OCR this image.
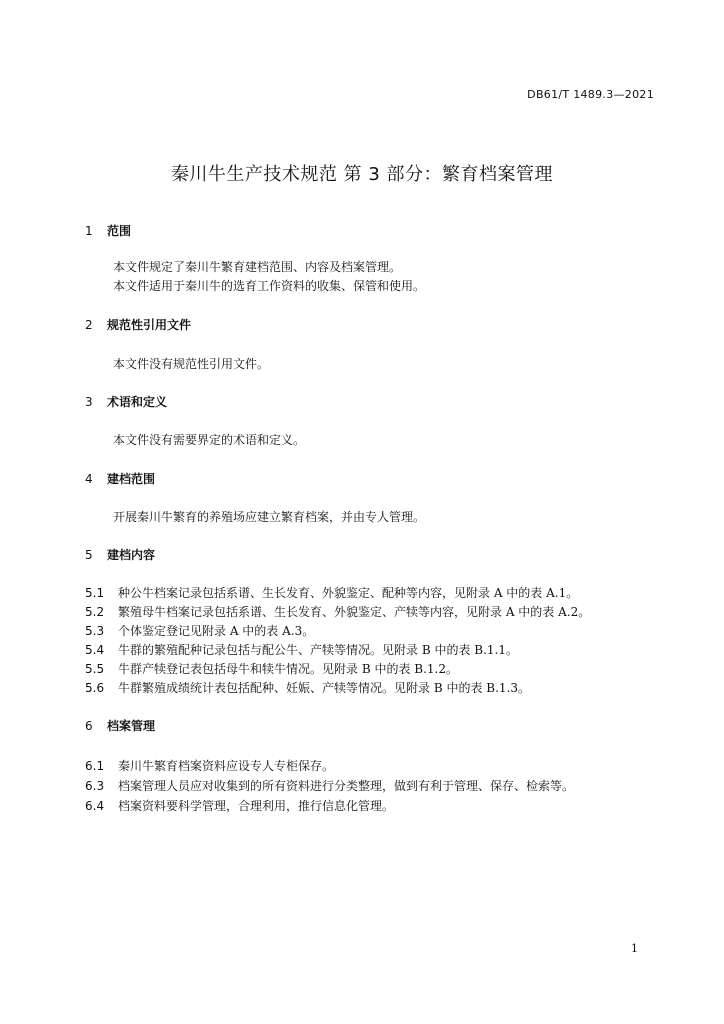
DB61/T 1489.3—2021
秦川牛生产技术规范 第 3 部分：繁育档案管理
1 范围
本文件规定了秦川牛繁育建档范围、内容及档案管理。
本文件适用于秦川牛的选育工作资料的收集、保管和使用。
2 规范性引用文件
本文件没有规范性引用文件。
3 术语和定义
本文件没有需要界定的术语和定义。
4 建档范围
开展秦川牛繁育的养殖场应建立繁育档案，并由专人管理。
5 建档内容
5.1 种公牛档案记录包括系谱、生长发育、外貌鉴定、配种等内容，见附录 A 中的表 A.1。
5.2 繁殖母牛档案记录包括系谱、生长发育、外貌鉴定、产犊等内容，见附录 A 中的表 A.2。
5.3 个体鉴定登记见附录 A 中的表 A.3。
5.4 牛群的繁殖配种记录包括与配公牛、产犊等情况。见附录 B 中的表 B.1.1。
5.5 牛群产犊登记表包括母牛和犊牛情况。见附录 B 中的表 B.1.2。
5.6 牛群繁殖成绩统计表包括配种、妊娠、产犊等情况。见附录 B 中的表 B.1.3。
6 档案管理
6.1 秦川牛繁育档案资料应设专人专柜保存。
6.3 档案管理人员应对收集到的所有资料进行分类整理，做到有利于管理、保存、检索等。
6.4 档案资料要科学管理，合理利用，推行信息化管理。
1
